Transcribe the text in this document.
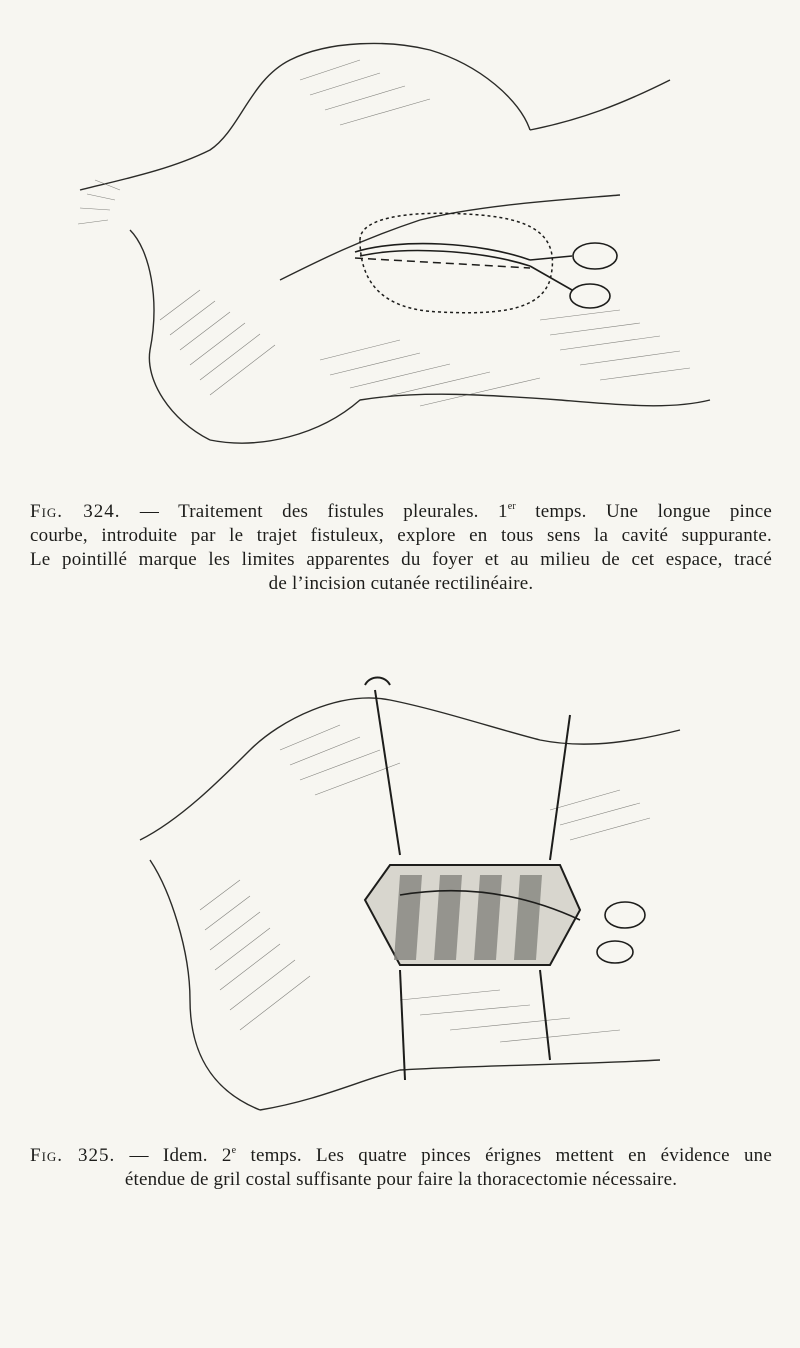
Fig. 324. — Traitement des fistules pleurales. 1er temps. Une longue pince
courbe, introduite par le trajet fistuleux, explore en tous sens la cavité suppurante.
Le pointillé marque les limites apparentes du foyer et au milieu de cet espace, tracé
de l’incision cutanée rectilinéaire.
Fig. 325. — Idem. 2e temps. Les quatre pinces érignes mettent en évidence une
étendue de gril costal suffisante pour faire la thoracectomie nécessaire.
